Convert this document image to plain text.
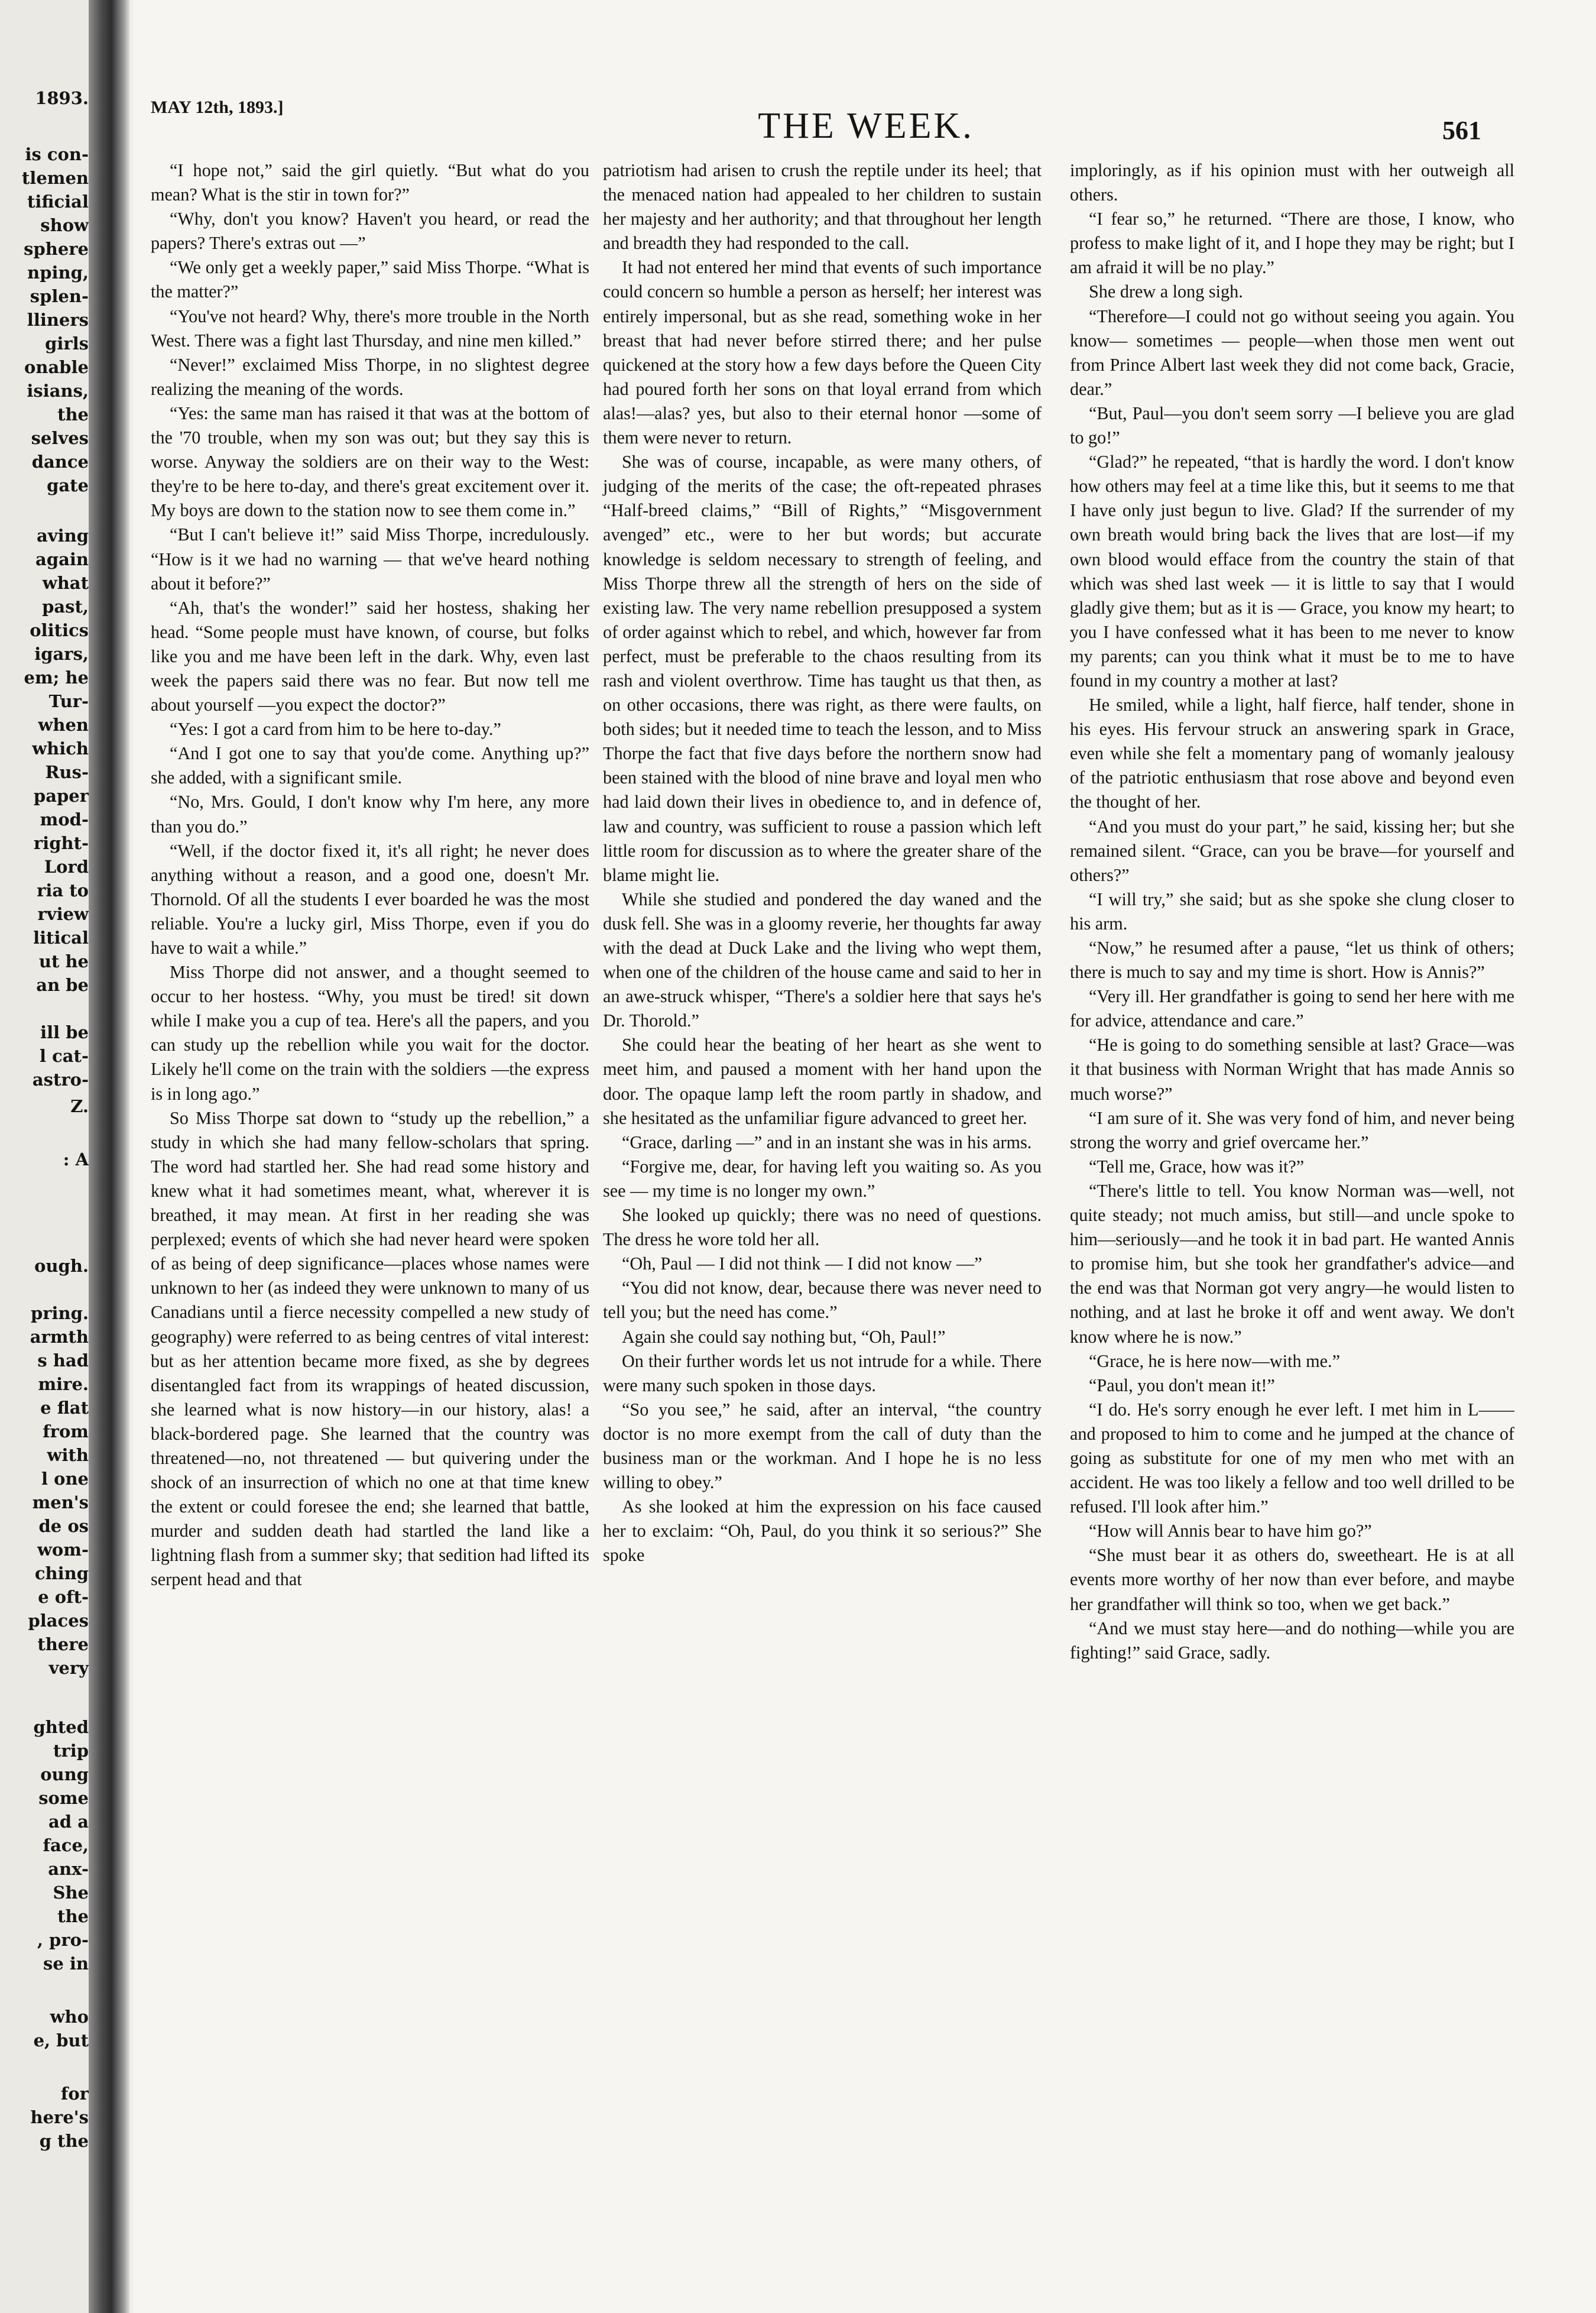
1893.
is con-
tlemen
tificial
show
sphere
nping,
splen-
lliners
girls
onable
isians,
the
selves
dance
gate
aving
again
what
past,
olitics
igars,
em; he
Tur-
when
which
Rus-
paper
mod-
right-
Lord
ria to
rview
litical
ut he
an be
ill be
l cat-
astro-
Z.
: A
ough.
pring.
armth
s had
mire.
e flat
from
with
l one
men's
de os
wom-
ching
e oft-
places
there
very
ghted
trip
oung
some
ad a
face,
anx-
She
the
, pro-
se in
who
e, but
for
here's
g the
MAY 12th, 1893.]	THE WEEK.	561

“I hope not,” said the girl quietly. “But what do you mean? What is the stir in town for?”

“Why, don't you know? Haven't you heard, or read the papers? There's extras out —”

“We only get a weekly paper,” said Miss Thorpe. “What is the matter?”

“You've not heard? Why, there's more trouble in the North West. There was a fight last Thursday, and nine men killed.”

“Never!” exclaimed Miss Thorpe, in no slightest degree realizing the meaning of the words.

“Yes: the same man has raised it that was at the bottom of the '70 trouble, when my son was out; but they say this is worse. Anyway the soldiers are on their way to the West: they're to be here to-day, and there's great excitement over it. My boys are down to the station now to see them come in.”

“But I can't believe it!” said Miss Thorpe, incredulously. “How is it we had no warning — that we've heard nothing about it before?”

“Ah, that's the wonder!” said her hostess, shaking her head. “Some people must have known, of course, but folks like you and me have been left in the dark. Why, even last week the papers said there was no fear. But now tell me about yourself —you expect the doctor?”

“Yes: I got a card from him to be here to-day.”

“And I got one to say that you'de come. Anything up?” she added, with a significant smile.

“No, Mrs. Gould, I don't know why I'm here, any more than you do.”

“Well, if the doctor fixed it, it's all right; he never does anything without a reason, and a good one, doesn't Mr. Thornold. Of all the students I ever boarded he was the most reliable. You're a lucky girl, Miss Thorpe, even if you do have to wait a while.”

Miss Thorpe did not answer, and a thought seemed to occur to her hostess. “Why, you must be tired! sit down while I make you a cup of tea. Here's all the papers, and you can study up the rebellion while you wait for the doctor. Likely he'll come on the train with the soldiers —the express is in long ago.”

So Miss Thorpe sat down to “study up the rebellion,” a study in which she had many fellow-scholars that spring. The word had startled her. She had read some history and knew what it had sometimes meant, what, wherever it is breathed, it may mean. At first in her reading she was perplexed; events of which she had never heard were spoken of as being of deep significance—places whose names were unknown to her (as indeed they were unknown to many of us Canadians until a fierce necessity compelled a new study of geography) were referred to as being centres of vital interest: but as her attention became more fixed, as she by degrees disentangled fact from its wrappings of heated discussion, she learned what is now history—in our history, alas! a black-bordered page. She learned that the country was threatened—no, not threatened — but quivering under the shock of an insurrection of which no one at that time knew the extent or could foresee the end; she learned that battle, murder and sudden death had startled the land like a lightning flash from a summer sky; that sedition had lifted its serpent head and that

patriotism had arisen to crush the reptile under its heel; that the menaced nation had appealed to her children to sustain her majesty and her authority; and that throughout her length and breadth they had responded to the call.

It had not entered her mind that events of such importance could concern so humble a person as herself; her interest was entirely impersonal, but as she read, something woke in her breast that had never before stirred there; and her pulse quickened at the story how a few days before the Queen City had poured forth her sons on that loyal errand from which alas!—alas? yes, but also to their eternal honor —some of them were never to return.

She was of course, incapable, as were many others, of judging of the merits of the case; the oft-repeated phrases “Half-breed claims,” “Bill of Rights,” “Misgovernment avenged” etc., were to her but words; but accurate knowledge is seldom necessary to strength of feeling, and Miss Thorpe threw all the strength of hers on the side of existing law. The very name rebellion presupposed a system of order against which to rebel, and which, however far from perfect, must be preferable to the chaos resulting from its rash and violent overthrow. Time has taught us that then, as on other occasions, there was right, as there were faults, on both sides; but it needed time to teach the lesson, and to Miss Thorpe the fact that five days before the northern snow had been stained with the blood of nine brave and loyal men who had laid down their lives in obedience to, and in defence of, law and country, was sufficient to rouse a passion which left little room for discussion as to where the greater share of the blame might lie.

While she studied and pondered the day waned and the dusk fell. She was in a gloomy reverie, her thoughts far away with the dead at Duck Lake and the living who wept them, when one of the children of the house came and said to her in an awe-struck whisper, “There's a soldier here that says he's Dr. Thorold.”

She could hear the beating of her heart as she went to meet him, and paused a moment with her hand upon the door. The opaque lamp left the room partly in shadow, and she hesitated as the unfamiliar figure advanced to greet her.

“Grace, darling —” and in an instant she was in his arms.

“Forgive me, dear, for having left you waiting so. As you see — my time is no longer my own.”

She looked up quickly; there was no need of questions. The dress he wore told her all.

“Oh, Paul — I did not think — I did not know —”

“You did not know, dear, because there was never need to tell you; but the need has come.”

Again she could say nothing but, “Oh, Paul!”

On their further words let us not intrude for a while. There were many such spoken in those days.

“So you see,” he said, after an interval, “the country doctor is no more exempt from the call of duty than the business man or the workman. And I hope he is no less willing to obey.”

As she looked at him the expression on his face caused her to exclaim: “Oh, Paul, do you think it so serious?” She spoke

imploringly, as if his opinion must with her outweigh all others.

“I fear so,” he returned. “There are those, I know, who profess to make light of it, and I hope they may be right; but I am afraid it will be no play.”

She drew a long sigh.

“Therefore—I could not go without seeing you again. You know— sometimes — people—when those men went out from Prince Albert last week they did not come back, Gracie, dear.”

“But, Paul—you don't seem sorry —I believe you are glad to go!”

“Glad?” he repeated, “that is hardly the word. I don't know how others may feel at a time like this, but it seems to me that I have only just begun to live. Glad? If the surrender of my own breath would bring back the lives that are lost—if my own blood would efface from the country the stain of that which was shed last week — it is little to say that I would gladly give them; but as it is — Grace, you know my heart; to you I have confessed what it has been to me never to know my parents; can you think what it must be to me to have found in my country a mother at last?

He smiled, while a light, half fierce, half tender, shone in his eyes. His fervour struck an answering spark in Grace, even while she felt a momentary pang of womanly jealousy of the patriotic enthusiasm that rose above and beyond even the thought of her.

“And you must do your part,” he said, kissing her; but she remained silent. “Grace, can you be brave—for yourself and others?”

“I will try,” she said; but as she spoke she clung closer to his arm.

“Now,” he resumed after a pause, “let us think of others; there is much to say and my time is short. How is Annis?”

“Very ill. Her grandfather is going to send her here with me for advice, attendance and care.”

“He is going to do something sensible at last? Grace—was it that business with Norman Wright that has made Annis so much worse?”

“I am sure of it. She was very fond of him, and never being strong the worry and grief overcame her.”

“Tell me, Grace, how was it?”

“There's little to tell. You know Norman was—well, not quite steady; not much amiss, but still—and uncle spoke to him—seriously—and he took it in bad part. He wanted Annis to promise him, but she took her grandfather's advice—and the end was that Norman got very angry—he would listen to nothing, and at last he broke it off and went away. We don't know where he is now.”

“Grace, he is here now—with me.”

“Paul, you don't mean it!”

“I do. He's sorry enough he ever left. I met him in L—— and proposed to him to come and he jumped at the chance of going as substitute for one of my men who met with an accident. He was too likely a fellow and too well drilled to be refused. I'll look after him.”

“How will Annis bear to have him go?”

“She must bear it as others do, sweetheart. He is at all events more worthy of her now than ever before, and maybe her grandfather will think so too, when we get back.”

“And we must stay here—and do nothing—while you are fighting!” said Grace, sadly.
